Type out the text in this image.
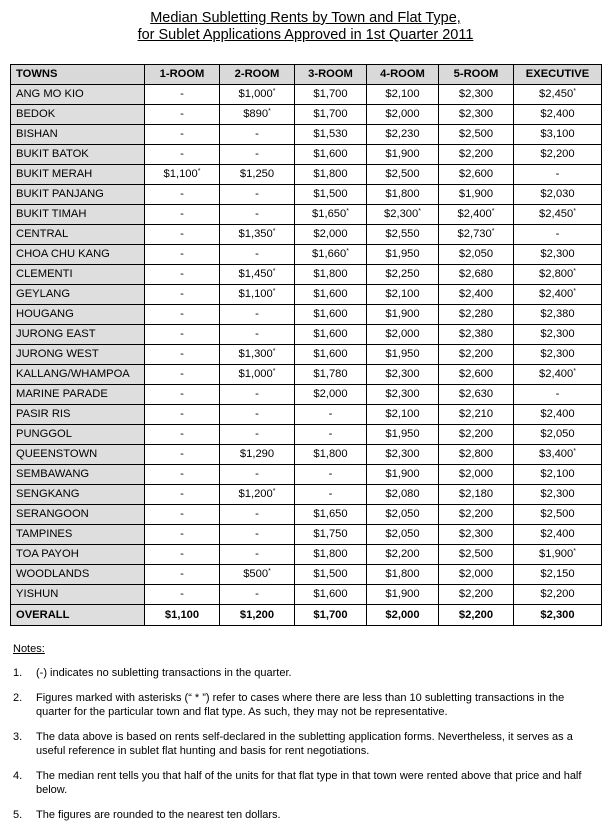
Median Subletting Rents by Town and Flat Type,
for Sublet Applications Approved in 1st Quarter 2011
TOWNS	1-ROOM	2-ROOM	3-ROOM	4-ROOM	5-ROOM	EXECUTIVE
ANG MO KIO	-	$1,000*	$1,700	$2,100	$2,300	$2,450*
BEDOK	-	$890*	$1,700	$2,000	$2,300	$2,400
BISHAN	-	-	$1,530	$2,230	$2,500	$3,100
BUKIT BATOK	-	-	$1,600	$1,900	$2,200	$2,200
BUKIT MERAH	$1,100*	$1,250	$1,800	$2,500	$2,600	-
BUKIT PANJANG	-	-	$1,500	$1,800	$1,900	$2,030
BUKIT TIMAH	-	-	$1,650*	$2,300*	$2,400*	$2,450*
CENTRAL	-	$1,350*	$2,000	$2,550	$2,730*	-
CHOA CHU KANG	-	-	$1,660*	$1,950	$2,050	$2,300
CLEMENTI	-	$1,450*	$1,800	$2,250	$2,680	$2,800*
GEYLANG	-	$1,100*	$1,600	$2,100	$2,400	$2,400*
HOUGANG	-	-	$1,600	$1,900	$2,280	$2,380
JURONG EAST	-	-	$1,600	$2,000	$2,380	$2,300
JURONG WEST	-	$1,300*	$1,600	$1,950	$2,200	$2,300
KALLANG/WHAMPOA	-	$1,000*	$1,780	$2,300	$2,600	$2,400*
MARINE PARADE	-	-	$2,000	$2,300	$2,630	-
PASIR RIS	-	-	-	$2,100	$2,210	$2,400
PUNGGOL	-	-	-	$1,950	$2,200	$2,050
QUEENSTOWN	-	$1,290	$1,800	$2,300	$2,800	$3,400*
SEMBAWANG	-	-	-	$1,900	$2,000	$2,100
SENGKANG	-	$1,200*	-	$2,080	$2,180	$2,300
SERANGOON	-	-	$1,650	$2,050	$2,200	$2,500
TAMPINES	-	-	$1,750	$2,050	$2,300	$2,400
TOA PAYOH	-	-	$1,800	$2,200	$2,500	$1,900*
WOODLANDS	-	$500*	$1,500	$1,800	$2,000	$2,150
YISHUN	-	-	$1,600	$1,900	$2,200	$2,200
OVERALL	$1,100	$1,200	$1,700	$2,000	$2,200	$2,300
Notes:
1.	(-) indicates no subletting transactions in the quarter.
2.	Figures marked with asterisks (“ * ”) refer to cases where there are less than 10 subletting transactions in the quarter for the particular town and flat type. As such, they may not be representative.
3.	The data above is based on rents self-declared in the subletting application forms. Nevertheless, it serves as a useful reference in sublet flat hunting and basis for rent negotiations.
4.	The median rent tells you that half of the units for that flat type in that town were rented above that price and half below.
5.	The figures are rounded to the nearest ten dollars.
